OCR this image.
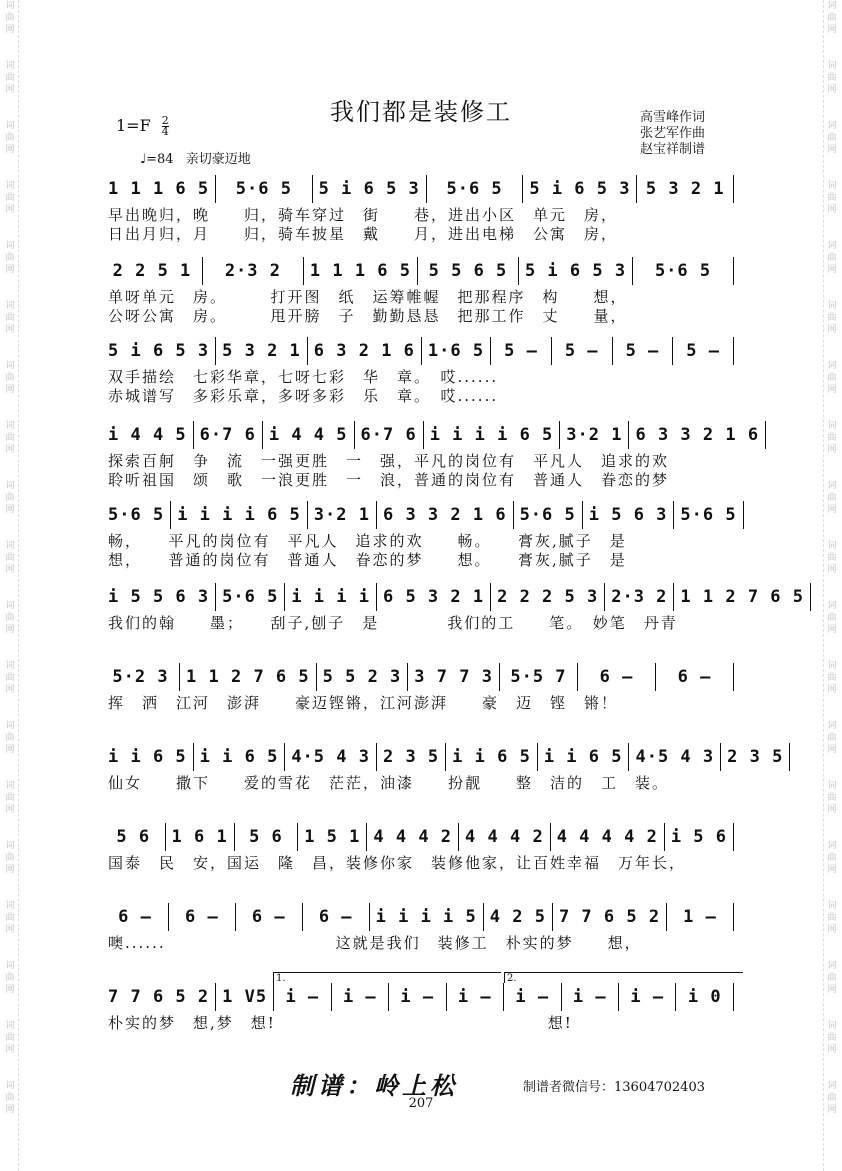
词
曲
网
词
曲
网
词
曲
网
词
曲
网
词
曲
网
词
曲
网
词
曲
网
词
曲
网
词
曲
网
词
曲
网
词
曲
网
词
曲
网
词
曲
网
词
曲
网
词
曲
网
词
曲
网
词
曲
网
词
曲
网
词
曲
网
词
曲
网
词
曲
网
词
曲
网
词
曲
网
词
曲
网
词
曲
网
词
曲
网
词
曲
网
词
曲
网
词
曲
网
词
曲
网
词
曲
网
词
曲
网
词
曲
网
词
曲
网
词
曲
网
词
曲
网
词
曲
网
词
曲
网
我们都是装修工
$1=F \frac{2}{4}$
♩=84 亲切豪迈地
高雪峰作词
张艺军作曲
赵宝祥制谱
1 1 1 6 5	5·6 5	5 i 6 5 3	5·6 5	5 i 6 5 3 5 3 2 1
早出晚归，晚　　归，骑车穿过　街　　巷，进出小区　单元　房，
日出月归，月　　归，骑车披星　戴　　月，进出电梯　公寓　房，
2 2 5 1	2·3 2	1 1 1 6 5 5 5 6 5 5 i 6 5 3	5·6 5
单呀单元　房。　　　打开图　纸　运筹帷幄　把那程序　构　　想，
公呀公寓　房。　　　甩开膀　子　勤勤恳恳　把那工作　丈　　量，
5 i 6 5 3 5 3 2 1 6 3 2 1 6 1·6 5	5 –	5 –	5 –	5 –
双手描绘　七彩华章，七呀七彩　华　章。　哎......
赤城谱写　多彩乐章，多呀多彩　乐　章。　哎......
i 4 4 5 6·7 6 i 4 4 5 6·7 6 i i i i 6 5 3·2 1 6 3 3 2 1 6
探索百舸　争　流　一强更胜　一　强，平凡的岗位有　平凡人　追求的欢
聆听祖国　颂　歌　一浪更胜　一　浪，普通的岗位有　普通人　眷恋的梦
5·6 5 i i i i 6 5 3·2 1 6 3 3 2 1 6 5·6 5 i 5 6 3 5·6 5
畅，　　平凡的岗位有　平凡人　追求的欢　　畅。　　膏灰,腻子　是
想，　　普通的岗位有　普通人　眷恋的梦　　想。　　膏灰,腻子　是
i 5 5 6 3 5·6 5 i i i i 6 5 3 2 1 2 2 2 5 3 2·3 2 1 1 2 7 6 5
我们的翰　　墨；　　刮子,刨子　是　　　　我们的工　　笔。　妙笔　丹青
5·2 3 1 1 2 7 6 5 5 5 2 3 3 7 7 3 5·5 7	6 –	6 –
挥　洒　江河　澎湃　　豪迈铿锵，江河澎湃　　豪　迈　铿　锵！
i i 6 5 i i 6 5 4·5 4 3 2 3 5 i i 6 5 i i 6 5 4·5 4 3 2 3 5
仙女　　撒下　　爱的雪花　茫茫，油漆　　扮靓　　整　洁的　工　装。
5 6	1 6 1	5 6	1 5 1 4 4 4 2 4 4 4 2 4 4 4 4 2 i 5 6
国泰　民　安，国运　隆　昌，装修你家　装修他家，让百姓幸福　万年长，
6 –	6 –	6 –	6 –	i i i i 5 4 2 5 7 7 6 5 2	1 –
噢......　　　　　　　　　　这就是我们　装修工　朴实的梦　　想，
7 7 6 5 2 1 V5	i –	i –	i –	i –	i –	i –	i –	i 0
朴实的梦　想,梦　想!　　　　　　　　　　　　　　　　想!
1.	2.
制谱：岭上松	制谱者微信号：13604702403
207
